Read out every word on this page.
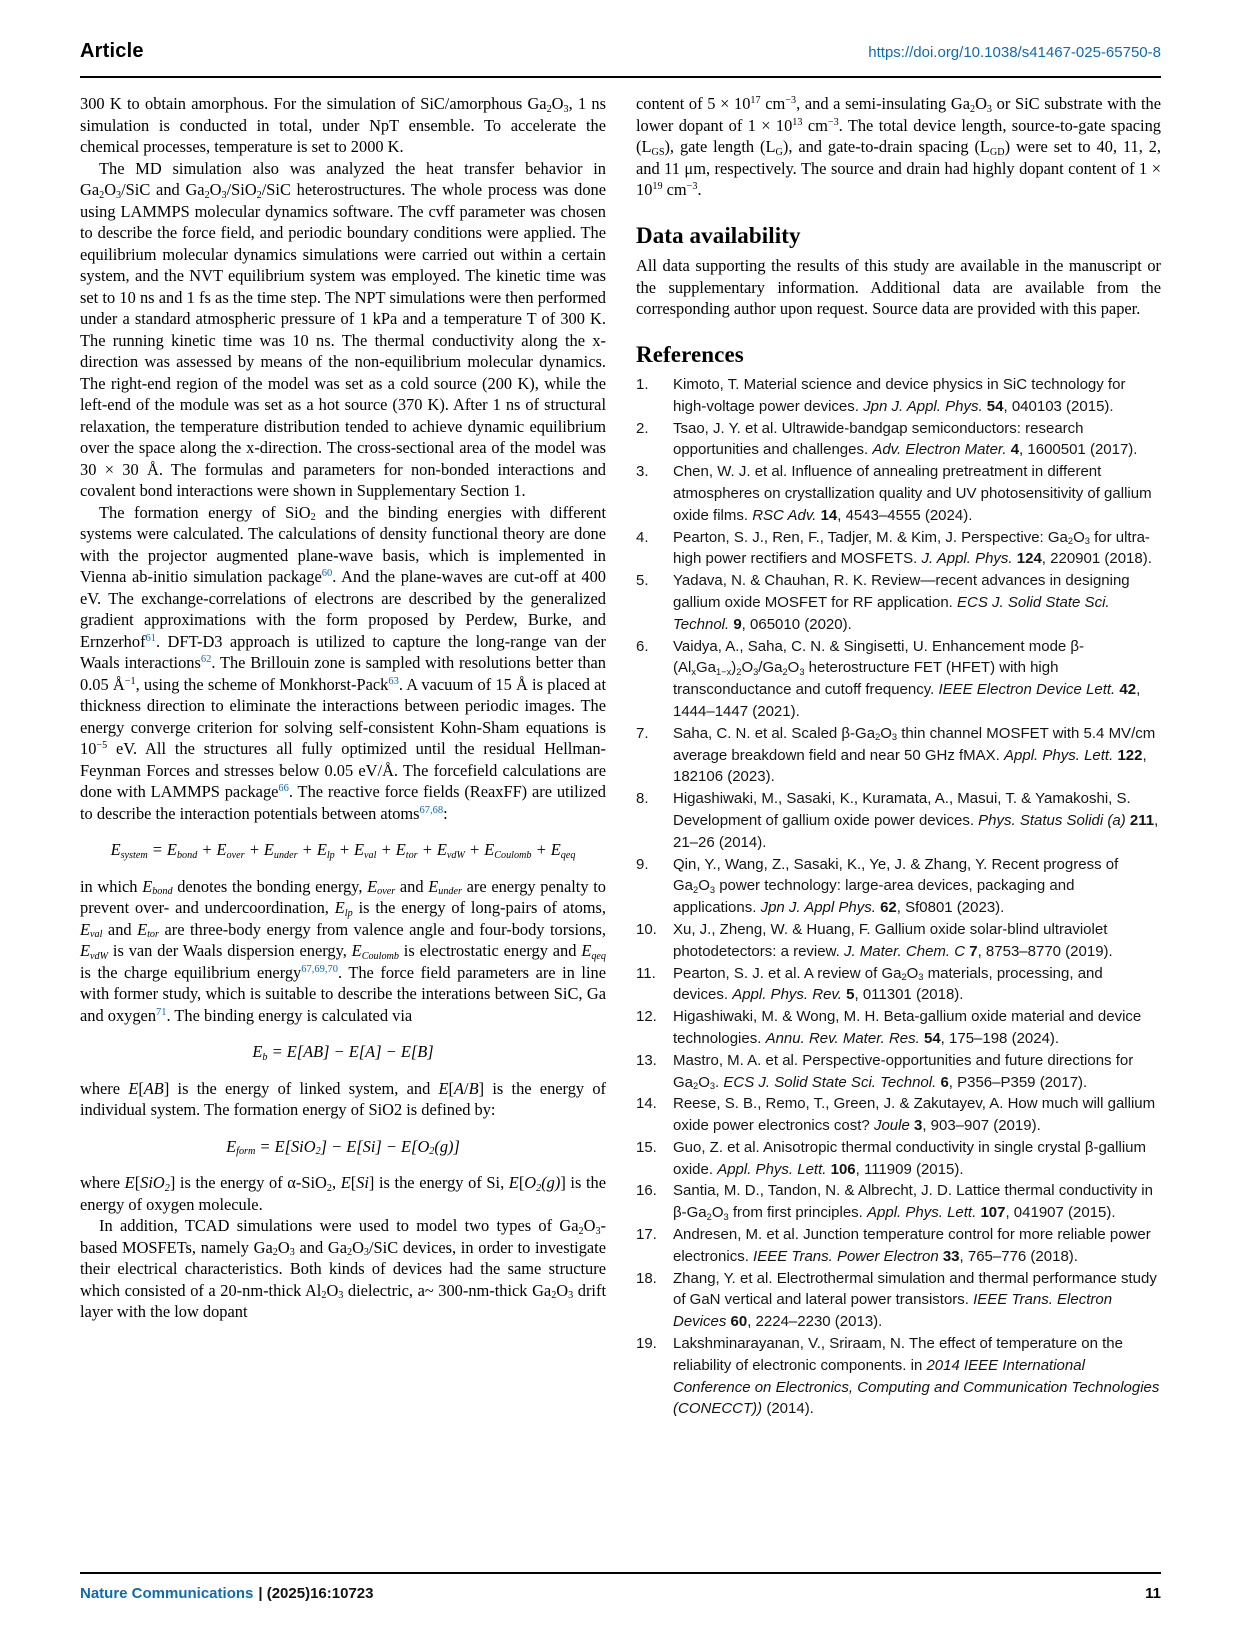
Article	https://doi.org/10.1038/s41467-025-65750-8

300 K to obtain amorphous. For the simulation of SiC/amorphous $Ga_2O_3$, 1 ns simulation is conducted in total, under NpT ensemble. To accelerate the chemical processes, temperature is set to 2000 K.

The MD simulation also was analyzed the heat transfer behavior in $Ga_2O_3$/SiC and $Ga_2O_3/SiO_2$/SiC heterostructures. The whole process was done using LAMMPS molecular dynamics software. The cvff parameter was chosen to describe the force field, and periodic boundary conditions were applied. The equilibrium molecular dynamics simulations were carried out within a certain system, and the NVT equilibrium system was employed. The kinetic time was set to 10 ns and 1 fs as the time step. The NPT simulations were then performed under a standard atmospheric pressure of 1 kPa and a temperature T of 300 K. The running kinetic time was 10 ns. The thermal conductivity along the x-direction was assessed by means of the non-equilibrium molecular dynamics. The right-end region of the model was set as a cold source (200 K), while the left-end of the module was set as a hot source (370 K). After 1 ns of structural relaxation, the temperature distribution tended to achieve dynamic equilibrium over the space along the x-direction. The cross-sectional area of the model was 30 × 30 Å. The formulas and parameters for non-bonded interactions and covalent bond interactions were shown in Supplementary Section 1.

The formation energy of SiO$_2$ and the binding energies with different systems were calculated. The calculations of density functional theory are done with the projector augmented plane-wave basis, which is implemented in Vienna ab-initio simulation package$^{60}$. And the plane-waves are cut-off at 400 eV. The exchange-correlations of electrons are described by the generalized gradient approximations with the form proposed by Perdew, Burke, and Ernzerhof$^{61}$. DFT-D3 approach is utilized to capture the long-range van der Waals interactions$^{62}$. The Brillouin zone is sampled with resolutions better than 0.05 $Å^{-1}$, using the scheme of Monkhorst-Pack$^{63}$. A vacuum of 15 Å is placed at thickness direction to eliminate the interactions between periodic images. The energy converge criterion for solving self-consistent Kohn-Sham equations is $10^{-5}$ eV. All the structures all fully optimized until the residual Hellman-Feynman Forces and stresses below 0.05 eV/Å. The forcefield calculations are done with LAMMPS package$^{66}$. The reactive force fields (ReaxFF) are utilized to describe the interaction potentials between atoms$^{67,68}$:

$E_{system} = E_{bond} + E_{over} + E_{under} + E_{lp} + E_{val} + E_{tor} + E_{vdW} + E_{Coulomb} + E_{qeq}$

in which $E_{bond}$ denotes the bonding energy, $E_{over}$ and $E_{under}$ are energy penalty to prevent over- and undercoordination, $E_{lp}$ is the energy of long-pairs of atoms, $E_{val}$ and $E_{tor}$ are three-body energy from valence angle and four-body torsions, $E_{vdW}$ is van der Waals dispersion energy, $E_{Coulomb}$ is electrostatic energy and $E_{qeq}$ is the charge equilibrium energy$^{67,69,70}$. The force field parameters are in line with former study, which is suitable to describe the interations between SiC, Ga and oxygen$^{71}$. The binding energy is calculated via

$E_b = E[AB] - E[A] - E[B]$

where E[AB] is the energy of linked system, and E[A/B] is the energy of individual system. The formation energy of SiO2 is defined by:

$E_{form} = E[SiO_2] - E[Si] - E[O_2(g)]$

where E[SiO$_2$] is the energy of α-SiO$_2$, E[Si] is the energy of Si, $E[O_2(g)]$ is the energy of oxygen molecule.

In addition, TCAD simulations were used to model two types of $Ga_2O_3$-based MOSFETs, namely $Ga_2O_3$ and $Ga_2O_3$/SiC devices, in order to investigate their electrical characteristics. Both kinds of devices had the same structure which consisted of a 20-nm-thick $Al_2O_3$ dielectric, a~ 300-nm-thick $Ga_2O_3$ drift layer with the low dopant

content of $5 \times 10^{17}$ $cm^{-3}$, and a semi-insulating $Ga_2O_3$ or SiC substrate with the lower dopant of $1 \times 10^{13}$ $cm^{-3}$. The total device length, source-to-gate spacing $(L_{GS})$, gate length $(L_G)$, and gate-to-drain spacing $(L_{GD})$ were set to 40, 11, 2, and 11 μm, respectively. The source and drain had highly dopant content of $1 \times 10^{19}$ $cm^{-3}$.

Data availability

All data supporting the results of this study are available in the manuscript or the supplementary information. Additional data are available from the corresponding author upon request. Source data are provided with this paper.

References
1.	Kimoto, T. Material science and device physics in SiC technology for high-voltage power devices. Jpn J. Appl. Phys. 54, 040103 (2015).
2.	Tsao, J. Y. et al. Ultrawide-bandgap semiconductors: research opportunities and challenges. Adv. Electron Mater. 4, 1600501 (2017).
3.	Chen, W. J. et al. Influence of annealing pretreatment in different atmospheres on crystallization quality and UV photosensitivity of gallium oxide films. RSC Adv. 14, 4543–4555 (2024).
4.	Pearton, S. J., Ren, F., Tadjer, M. & Kim, J. Perspective: $Ga_2O_3$ for ultra-high power rectifiers and MOSFETS. J. Appl. Phys. 124, 220901 (2018).
5.	Yadava, N. & Chauhan, R. K. Review—recent advances in designing gallium oxide MOSFET for RF application. ECS J. Solid State Sci. Technol. 9, 065010 (2020).
6.	Vaidya, A., Saha, C. N. & Singisetti, U. Enhancement mode $\beta-(Al_xGa_{1-x})_2O_3/Ga_2O_3$ heterostructure FET (HFET) with high transconductance and cutoff frequency. IEEE Electron Device Lett. 42, 1444–1447 (2021).
7.	Saha, C. N. et al. Scaled $\beta-Ga_2O_3$ thin channel MOSFET with 5.4 MV/cm average breakdown field and near 50 GHz fMAX. Appl. Phys. Lett. 122, 182106 (2023).
8.	Higashiwaki, M., Sasaki, K., Kuramata, A., Masui, T. & Yamakoshi, S. Development of gallium oxide power devices. Phys. Status Solidi (a) 211, 21–26 (2014).
9.	Qin, Y., Wang, Z., Sasaki, K., Ye, J. & Zhang, Y. Recent progress of $Ga_2O_3$ power technology: large-area devices, packaging and applications. Jpn J. Appl Phys. 62, Sf0801 (2023).
10.	Xu, J., Zheng, W. & Huang, F. Gallium oxide solar-blind ultraviolet photodetectors: a review. J. Mater. Chem. C 7, 8753–8770 (2019).
11.	Pearton, S. J. et al. A review of $Ga_2O_3$ materials, processing, and devices. Appl. Phys. Rev. 5, 011301 (2018).
12.	Higashiwaki, M. & Wong, M. H. Beta-gallium oxide material and device technologies. Annu. Rev. Mater. Res. 54, 175–198 (2024).
13.	Mastro, M. A. et al. Perspective-opportunities and future directions for $Ga_2O_3$. ECS J. Solid State Sci. Technol. 6, P356–P359 (2017).
14.	Reese, S. B., Remo, T., Green, J. & Zakutayev, A. How much will gallium oxide power electronics cost? Joule 3, 903–907 (2019).
15.	Guo, Z. et al. Anisotropic thermal conductivity in single crystal β-gallium oxide. Appl. Phys. Lett. 106, 111909 (2015).
16.	Santia, M. D., Tandon, N. & Albrecht, J. D. Lattice thermal conductivity in $\beta-Ga_2O_3$ from first principles. Appl. Phys. Lett. 107, 041907 (2015).
17.	Andresen, M. et al. Junction temperature control for more reliable power electronics. IEEE Trans. Power Electron 33, 765–776 (2018).
18.	Zhang, Y. et al. Electrothermal simulation and thermal performance study of GaN vertical and lateral power transistors. IEEE Trans. Electron Devices 60, 2224–2230 (2013).
19.	Lakshminarayanan, V., Sriraam, N. The effect of temperature on the reliability of electronic components. in 2014 IEEE International Conference on Electronics, Computing and Communication Technologies (CONECCT)) (2014).
Nature Communications | (2025)16:10723	11
